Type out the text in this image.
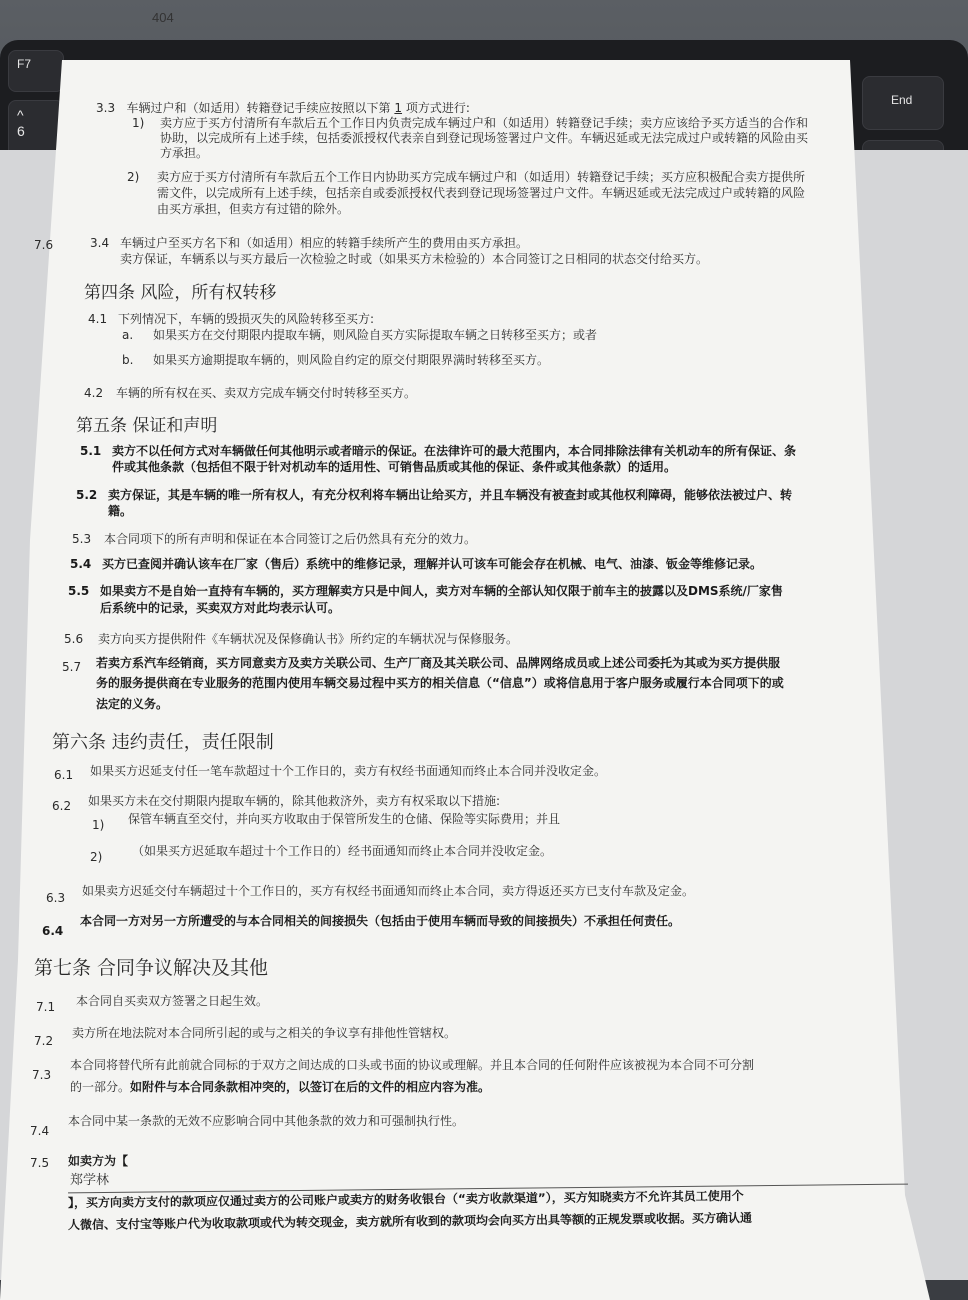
F7
^
6
End
404
3.3 车辆过户和（如适用）转籍登记手续应按照以下第 1 项方式进行:
1) 卖方应于买方付清所有车款后五个工作日内负责完成车辆过户和（如适用）转籍登记手续；卖方应该给予买方适当的合作和
协助，以完成所有上述手续，包括委派授权代表亲自到登记现场签署过户文件。车辆迟延或无法完成过户或转籍的风险由买
方承担。
2) 卖方应于买方付清所有车款后五个工作日内协助买方完成车辆过户和（如适用）转籍登记手续；买方应积极配合卖方提供所
需文件，以完成所有上述手续，包括亲自或委派授权代表到登记现场签署过户文件。车辆迟延或无法完成过户或转籍的风险
由买方承担，但卖方有过错的除外。
7.6	3.4 车辆过户至买方名下和（如适用）相应的转籍手续所产生的费用由买方承担。
卖方保证，车辆系以与买方最后一次检验之时或（如果买方未检验的）本合同签订之日相同的状态交付给买方。
第四条 风险，所有权转移
4.1 下列情况下，车辆的毁损灭失的风险转移至买方:
a. 如果买方在交付期限内提取车辆，则风险自买方实际提取车辆之日转移至买方；或者
b. 如果买方逾期提取车辆的，则风险自约定的原交付期限界满时转移至买方。
4.2 车辆的所有权在买、卖双方完成车辆交付时转移至买方。
第五条 保证和声明
5.1 卖方不以任何方式对车辆做任何其他明示或者暗示的保证。在法律许可的最大范围内，本合同排除法律有关机动车的所有保证、条
件或其他条款（包括但不限于针对机动车的适用性、可销售品质或其他的保证、条件或其他条款）的适用。
5.2 卖方保证，其是车辆的唯一所有权人，有充分权利将车辆出让给买方，并且车辆没有被查封或其他权利障碍，能够依法被过户、转
籍。
5.3 本合同项下的所有声明和保证在本合同签订之后仍然具有充分的效力。
5.4 买方已查阅并确认该车在厂家（售后）系统中的维修记录，理解并认可该车可能会存在机械、电气、油漆、钣金等维修记录。
5.5 如果卖方不是自始一直持有车辆的，买方理解卖方只是中间人，卖方对车辆的全部认知仅限于前车主的披露以及DMS系统/厂家售
后系统中的记录，买卖双方对此均表示认可。
5.6 卖方向买方提供附件《车辆状况及保修确认书》所约定的车辆状况与保修服务。
5.7 若卖方系汽车经销商，买方同意卖方及卖方关联公司、生产厂商及其关联公司、品牌网络成员或上述公司委托为其或为买方提供服
务的服务提供商在专业服务的范围内使用车辆交易过程中买方的相关信息（“信息”）或将信息用于客户服务或履行本合同项下的或
法定的义务。
第六条 违约责任，责任限制
6.1 如果买方迟延支付任一笔车款超过十个工作日的，卖方有权经书面通知而终止本合同并没收定金。
6.2 如果买方未在交付期限内提取车辆的，除其他救济外，卖方有权采取以下措施:
1) 保管车辆直至交付，并向买方收取由于保管所发生的仓储、保险等实际费用；并且
2) （如果买方迟延取车超过十个工作日的）经书面通知而终止本合同并没收定金。
6.3 如果卖方迟延交付车辆超过十个工作日的，买方有权经书面通知而终止本合同，卖方得返还买方已支付车款及定金。
6.4
本合同一方对另一方所遭受的与本合同相关的间接损失（包括由于使用车辆而导致的间接损失）不承担任何责任。
第七条 合同争议解决及其他
7.1 本合同自买卖双方签署之日起生效。
7.2
卖方所在地法院对本合同所引起的或与之相关的争议享有排他性管辖权。
7.3
本合同将替代所有此前就合同标的于双方之间达成的口头或书面的协议或理解。并且本合同的任何附件应该被视为本合同不可分割
的一部分。如附件与本合同条款相冲突的，以签订在后的文件的相应内容为准。
7.4
本合同中某一条款的无效不应影响合同中其他条款的效力和可强制执行性。
7.5 如卖方为【
郑学林
】，买方向卖方支付的款项应仅通过卖方的公司账户或卖方的财务收银台（“卖方收款渠道”），买方知晓卖方不允许其员工使用个
人微信、支付宝等账户代为收取款项或代为转交现金，卖方就所有收到的款项均会向买方出具等额的正规发票或收据。买方确认通
